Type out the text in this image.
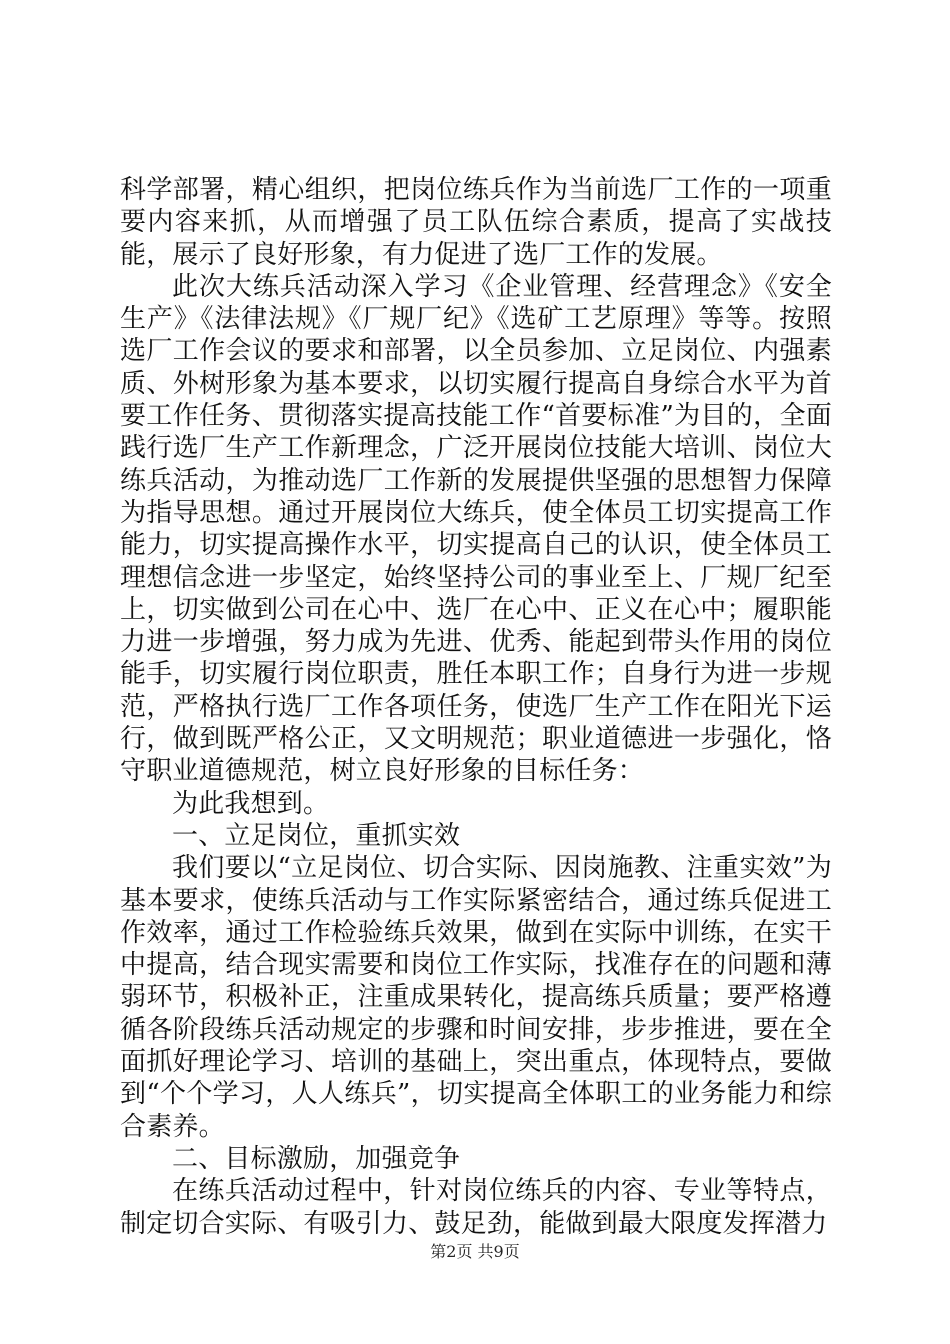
科学部署，精心组织，把岗位练兵作为当前选厂工作的一项重要内容来抓，从而增强了员工队伍综合素质，提高了实战技能，展示了良好形象，有力促进了选厂工作的发展。

此次大练兵活动深入学习《企业管理、经营理念》《安全生产》《法律法规》《厂规厂纪》《选矿工艺原理》等等。按照选厂工作会议的要求和部署，以全员参加、立足岗位、内强素质、外树形象为基本要求，以切实履行提高自身综合水平为首要工作任务、贯彻落实提高技能工作“首要标准”为目的，全面践行选厂生产工作新理念，广泛开展岗位技能大培训、岗位大练兵活动，为推动选厂工作新的发展提供坚强的思想智力保障为指导思想。通过开展岗位大练兵，使全体员工切实提高工作能力，切实提高操作水平，切实提高自己的认识，使全体员工理想信念进一步坚定，始终坚持公司的事业至上、厂规厂纪至上，切实做到公司在心中、选厂在心中、正义在心中；履职能力进一步增强，努力成为先进、优秀、能起到带头作用的岗位能手，切实履行岗位职责，胜任本职工作；自身行为进一步规范，严格执行选厂工作各项任务，使选厂生产工作在阳光下运行，做到既严格公正，又文明规范；职业道德进一步强化，恪守职业道德规范，树立良好形象的目标任务：

为此我想到。

一、立足岗位，重抓实效

我们要以“立足岗位、切合实际、因岗施教、注重实效”为基本要求，使练兵活动与工作实际紧密结合，通过练兵促进工作效率，通过工作检验练兵效果，做到在实际中训练，在实干中提高，结合现实需要和岗位工作实际，找准存在的问题和薄弱环节，积极补正，注重成果转化，提高练兵质量；要严格遵循各阶段练兵活动规定的步骤和时间安排，步步推进，要在全面抓好理论学习、培训的基础上，突出重点，体现特点，要做到“个个学习，人人练兵”，切实提高全体职工的业务能力和综合素养。

二、目标激励，加强竞争

在练兵活动过程中，针对岗位练兵的内容、专业等特点，制定切合实际、有吸引力、鼓足劲，能做到最大限度发挥潜力

第2页 共9页
